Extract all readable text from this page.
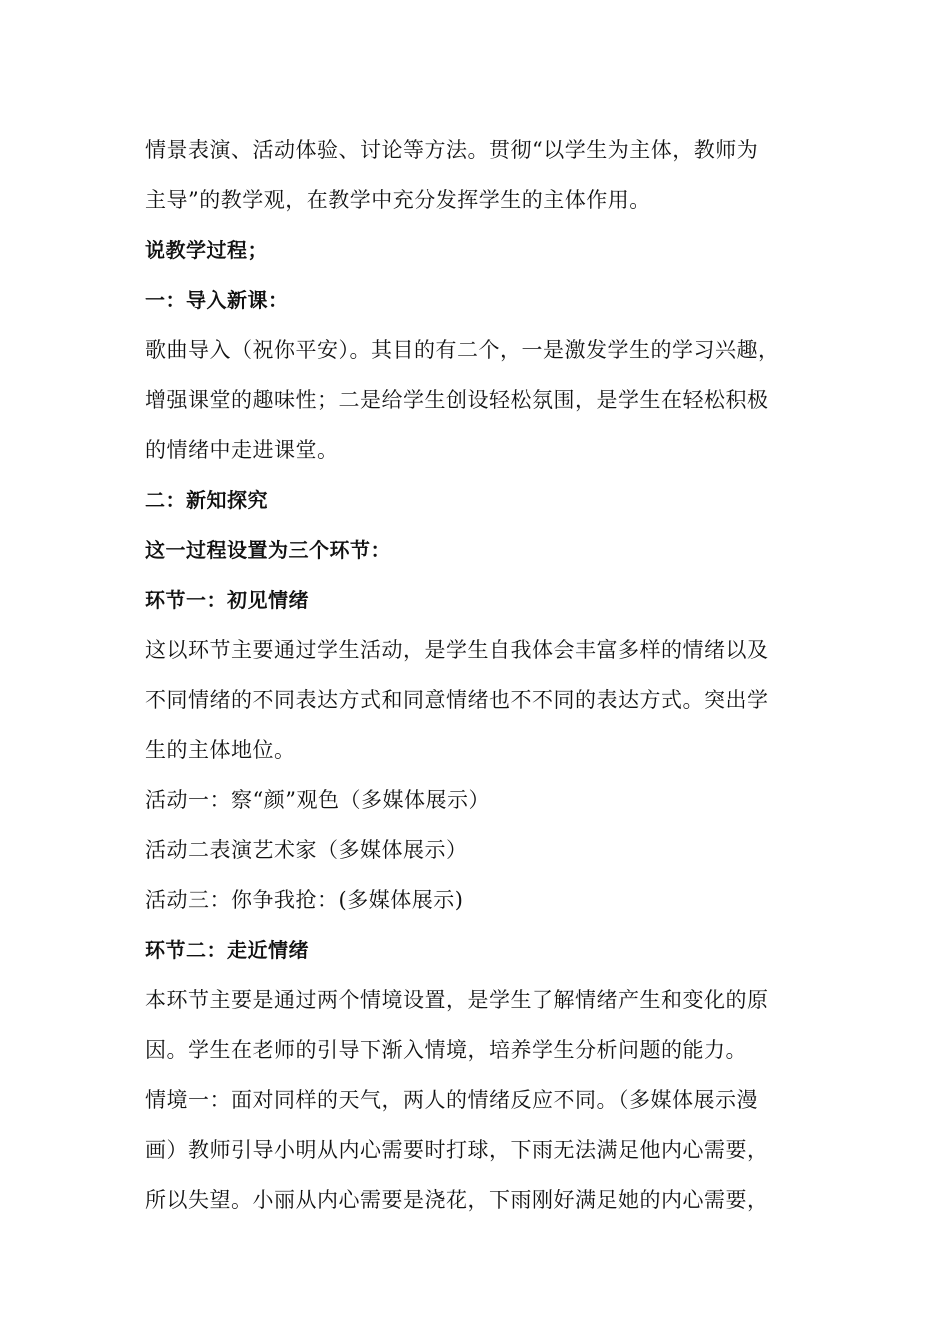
情景表演、活动体验、讨论等方法。贯彻“以学生为主体，教师为
主导”的教学观，在教学中充分发挥学生的主体作用。
说教学过程；
一：导入新课：
歌曲导入（祝你平安）。其目的有二个，一是激发学生的学习兴趣，
增强课堂的趣味性；二是给学生创设轻松氛围，是学生在轻松积极
的情绪中走进课堂。
二：新知探究
这一过程设置为三个环节：
环节一：初见情绪
这以环节主要通过学生活动，是学生自我体会丰富多样的情绪以及
不同情绪的不同表达方式和同意情绪也不不同的表达方式。突出学
生的主体地位。
活动一：察“颜”观色（多媒体展示）
活动二表演艺术家（多媒体展示）
活动三：你争我抢：(多媒体展示)
环节二：走近情绪
本环节主要是通过两个情境设置，是学生了解情绪产生和变化的原
因。学生在老师的引导下渐入情境，培养学生分析问题的能力。
情境一：面对同样的天气，两人的情绪反应不同。（多媒体展示漫
画）教师引导小明从内心需要时打球，下雨无法满足他内心需要，
所以失望。小丽从内心需要是浇花，下雨刚好满足她的内心需要，
